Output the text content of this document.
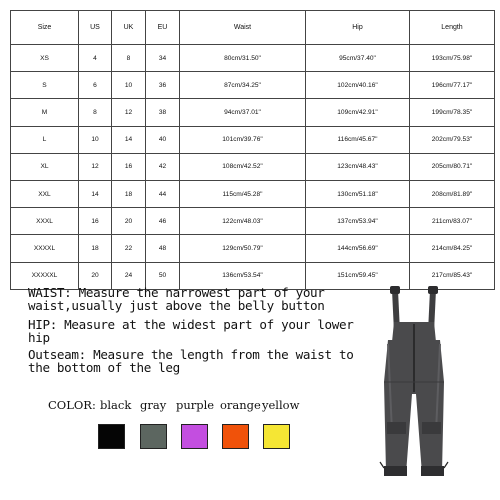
Size	US	UK	EU	Waist	Hip	Length
XS	4	8	34	80cm/31.50"	95cm/37.40"	193cm/75.98"
S	6	10	36	87cm/34.25"	102cm/40.16"	196cm/77.17"
M	8	12	38	94cm/37.01"	109cm/42.91"	199cm/78.35"
L	10	14	40	101cm/39.76"	116cm/45.67"	202cm/79.53"
XL	12	16	42	108cm/42.52"	123cm/48.43"	205cm/80.71"
XXL	14	18	44	115cm/45.28"	130cm/51.18"	208cm/81.89"
XXXL	16	20	46	122cm/48.03"	137cm/53.94"	211cm/83.07"
XXXXL	18	22	48	129cm/50.79"	144cm/56.69"	214cm/84.25"
XXXXXL	20	24	50	136cm/53.54"	151cm/59.45"	217cm/85.43"

WAIST: Measure the narrowest part of your waist,usually just above the belly button

HIP: Measure at the widest part of your lower hip

Outseam: Measure the length from the waist to the bottom of the leg

COLOR: black gray purple orange yellow
